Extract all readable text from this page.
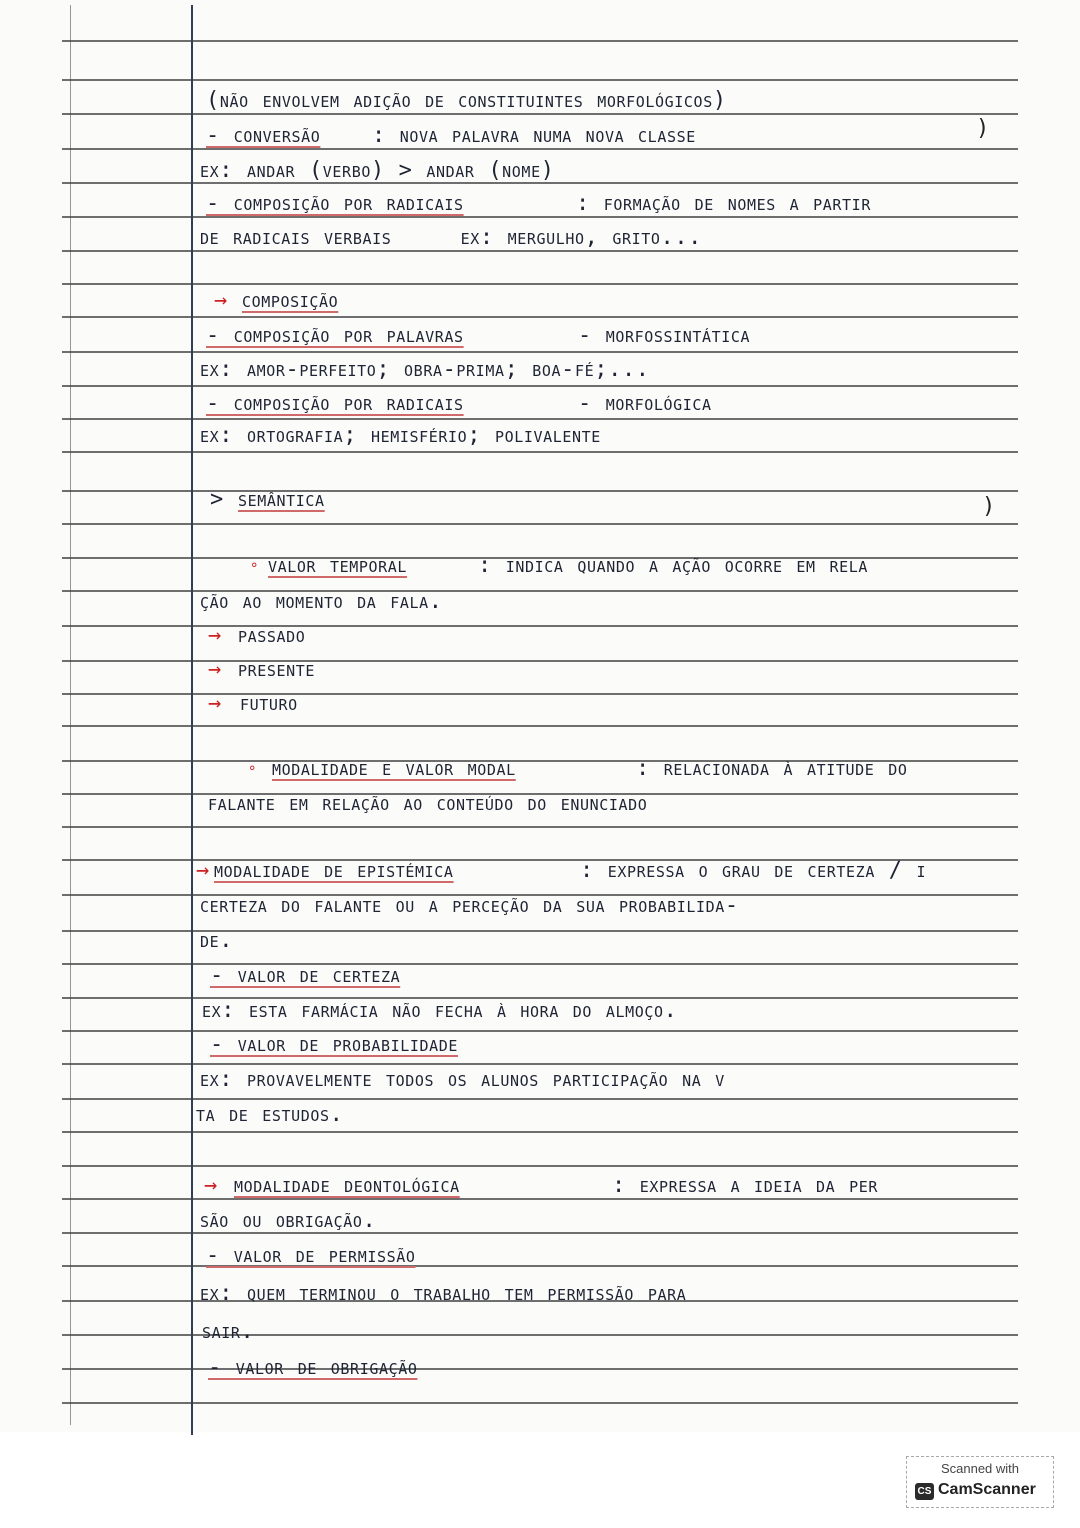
(não envolvem adição de constituintes morfológicos)
- conversão : nova palavra numa nova classe	)
ex: andar (verbo) > andar (nome)
- composição por radicais	: formação de nomes a partir
de radicais verbais     ex: mergulho, grito...
→ composição
- composição por palavras	- morfossintática
ex: amor-perfeito; obra-prima; boa-fé;...
- composição por radicais	- morfológica
ex: ortografia; hemisfério; polivalente
> semântica	)
° valor temporal	: indica quando a ação ocorre em rela
ção ao momento da fala.
→ passado
→ presente
→ futuro
° modalidade e valor modal	: relacionada à atitude do
falante em relação ao conteúdo do enunciado
→ modalidade de epistémica	: expressa o grau de certeza / i
certeza do falante ou a perceção da sua probabilida-
de.
- valor de certeza
ex: esta farmácia não fecha à hora do almoço.
- valor de probabilidade
ex: provavelmente todos os alunos participação na v
ta de estudos.
→ modalidade deontológica	: expressa a ideia da per
são ou obrigação.
- valor de permissão
ex: quem terminou o trabalho tem permissão para
sair.
- valor de obrigação
Scanned with
CS CamScanner
